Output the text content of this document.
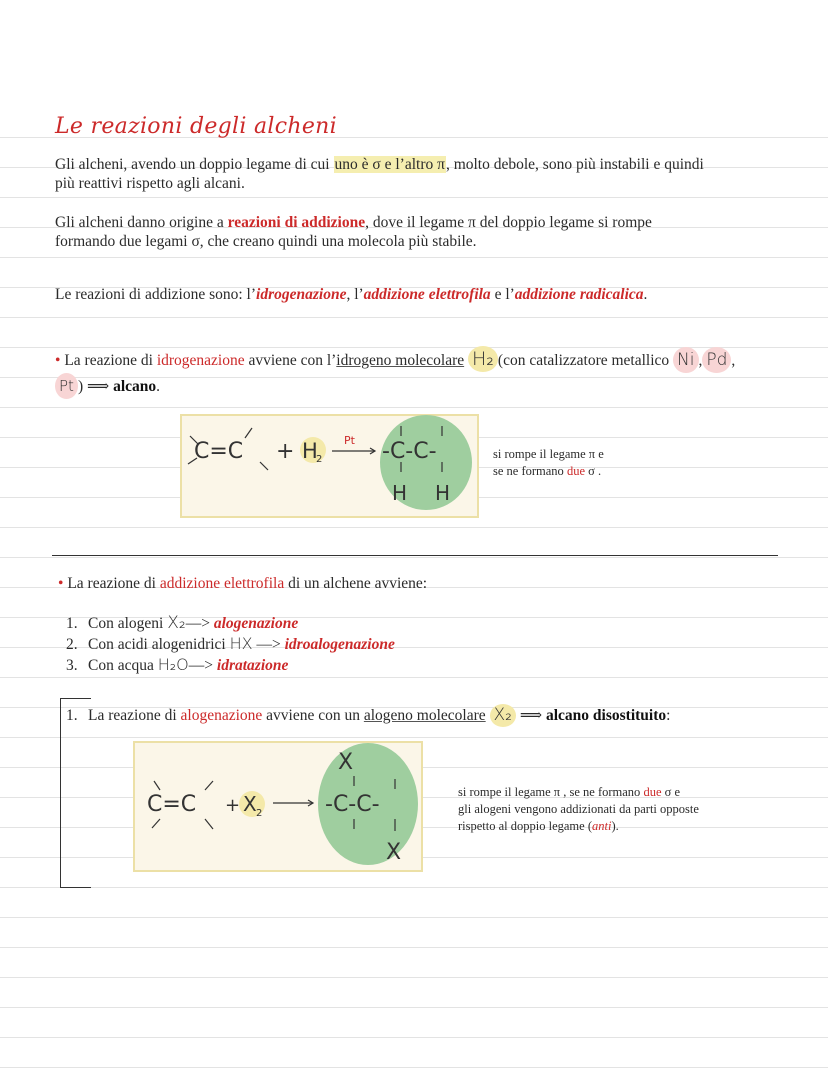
Le reazioni degli alcheni
Gli alcheni, avendo un doppio legame di cui uno è σ e l’altro π, molto debole, sono più instabili e quindi
più reattivi rispetto agli alcani.
Gli alcheni danno origine a reazioni di addizione, dove il legame π del doppio legame si rompe
formando due legami σ, che creano quindi una molecola più stabile.
Le reazioni di addizione sono: l’idrogenazione, l’addizione elettrofila e l’addizione radicalica.
• La reazione di idrogenazione avviene con l’idrogeno molecolare H₂ (con catalizzatore metallico Ni , Pd ,
Pt ) ⟹ alcano.
C=C + H
2
Pt -C-C-
H H
si rompe il legame π e
se ne formano due σ .
• La reazione di addizione elettrofila di un alchene avviene:
1. Con alogeni X₂—> alogenazione
2. Con acidi alogenidrici HX —> idroalogenazione
3. Con acqua H₂O—> idratazione
1. La reazione di alogenazione avviene con un alogeno molecolare X₂ ⟹ alcano disostituito:
X
C=C + X 2	-C-C-
X
si rompe il legame π , se ne formano due σ e
gli alogeni vengono addizionati da parti opposte
rispetto al doppio legame (anti).
